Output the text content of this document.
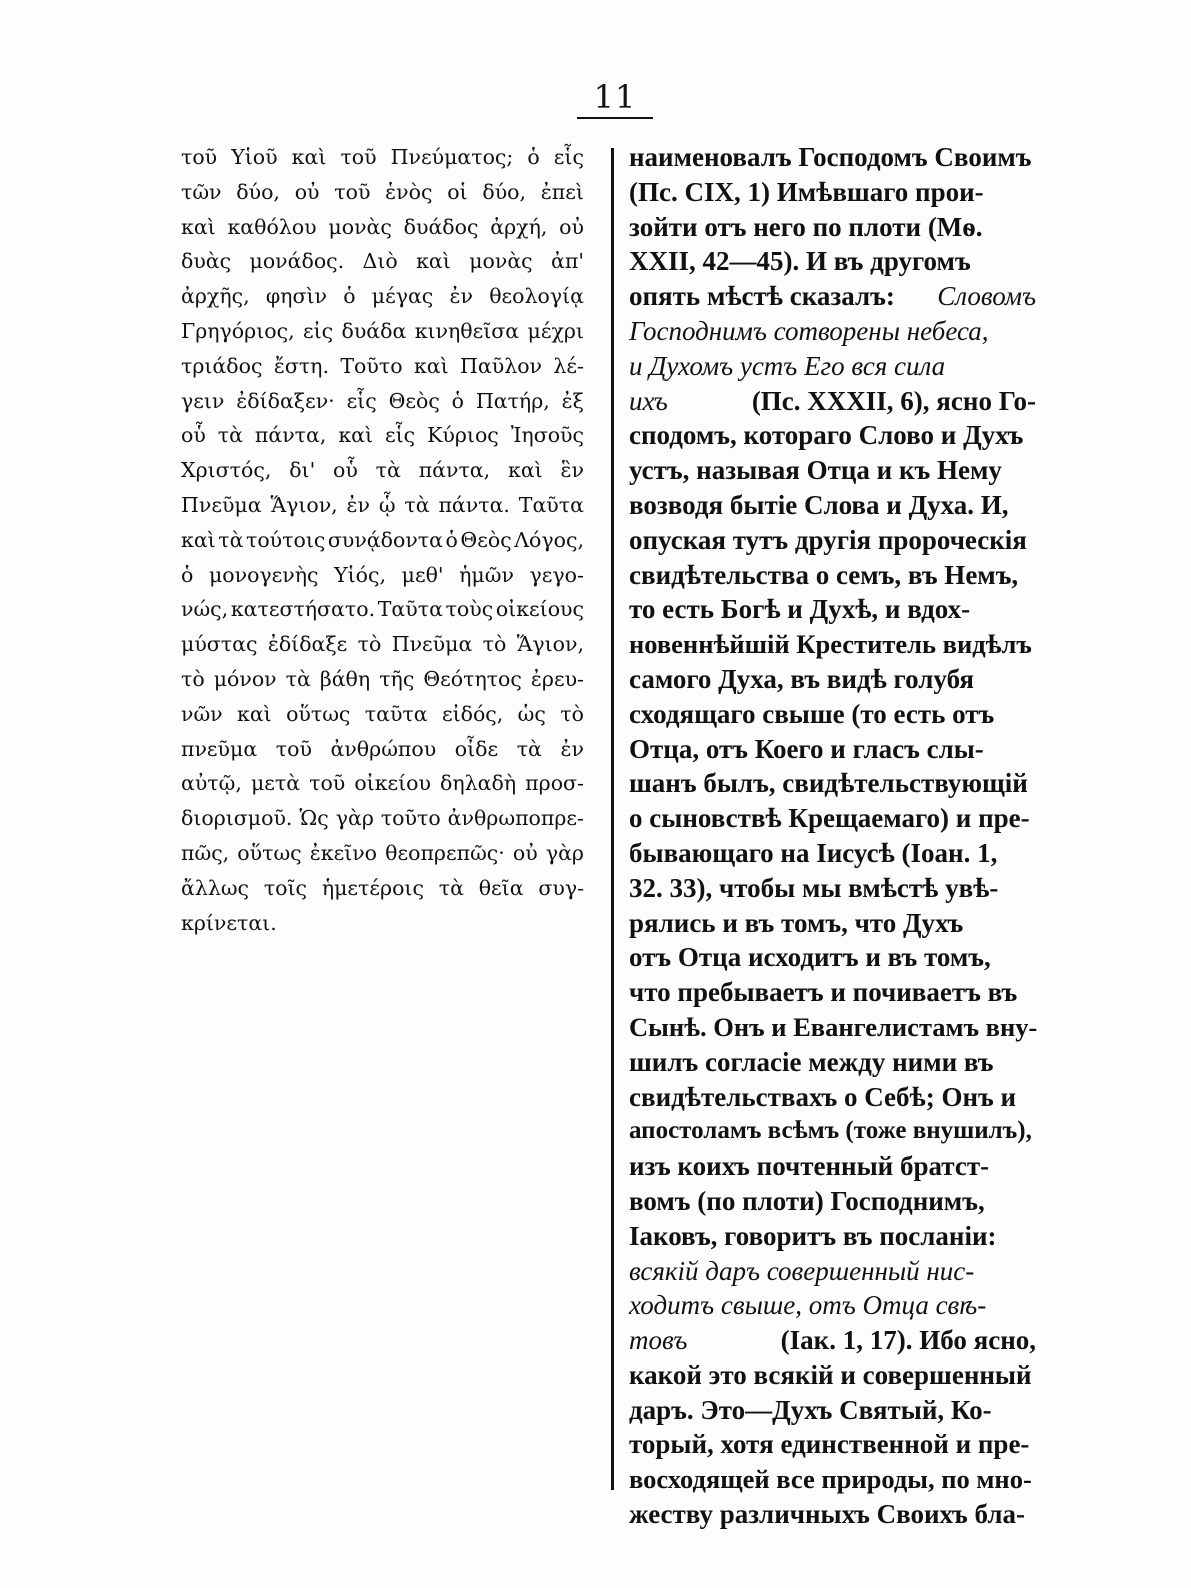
11
τοῦ Υἱοῦ καὶ τοῦ Πνεύματος; ὁ εἷς
τῶν δύο, οὐ τοῦ ἑνὸς οἱ δύο, ἐπεὶ
καὶ καθόλου μονὰς δυάδος ἀρχή, οὐ
δυὰς μονάδος. Διὸ καὶ μονὰς ἀπ'
ἀρχῆς, φησὶν ὁ μέγας ἐν θεολογίᾳ
Γρηγόριος, εἰς δυάδα κινηθεῖσα μέχρι
τριάδος ἔστη. Τοῦτο καὶ Παῦλον λέ-
γειν ἐδίδαξεν· εἷς Θεὸς ὁ Πατήρ, ἐξ
οὗ τὰ πάντα, καὶ εἷς Κύριος Ἰησοῦς
Χριστός, δι' οὗ τὰ πάντα, καὶ ἓν
Πνεῦμα Ἅγιον, ἐν ᾧ τὰ πάντα. Ταῦτα
καὶ τὰ τούτοις συνᾴδοντα ὁ Θεὸς Λόγος,
ὁ μονογενὴς Υἱός, μεθ' ἡμῶν γεγο-
νώς, κατεστήσατο. Ταῦτα τοὺς οἰκείους
μύστας ἐδίδαξε τὸ Πνεῦμα τὸ Ἅγιον,
τὸ μόνον τὰ βάθη τῆς Θεότητος ἐρευ-
νῶν καὶ οὕτως ταῦτα εἰδός, ὡς τὸ
πνεῦμα τοῦ ἀνθρώπου οἶδε τὰ ἐν
αὐτῷ, μετὰ τοῦ οἰκείου δηλαδὴ προσ-
διορισμοῦ. Ὡς γὰρ τοῦτο ἀνθρωποπρε-
πῶς, οὕτως ἐκεῖνο θεοπρεπῶς· οὐ γὰρ
ἄλλως τοῖς ἡμετέροις τὰ θεῖα συγ-
κρίνεται.
наименовалъ Господомъ Своимъ
(Пс. CIX, 1) Имѣвшаго прои-
зойти отъ него по плоти (Мѳ.
XXII, 42—45). И въ другомъ
опять мѣстѣ сказалъ: Словомъ
Господнимъ сотворены небеса,
и Духомъ устъ Его вся сила
ихъ	(Пс. XXXII, 6), ясно Го-
сподомъ, котораго Слово и Духъ
устъ, называя Отца и къ Нему
возводя бытіе Слова и Духа. И,
опуская тутъ другія пророческія
свидѣтельства о семъ, въ Немъ,
то есть Богѣ и Духѣ, и вдох-
новеннѣйшій Креститель видѣлъ
самого Духа, въ видѣ голубя
сходящаго свыше (то есть отъ
Отца, отъ Коего и гласъ слы-
шанъ былъ, свидѣтельствующій
о сыновствѣ Крещаемаго) и пре-
бывающаго на Іисусѣ (Іоан. 1,
32. 33), чтобы мы вмѣстѣ увѣ-
рялись и въ томъ, что Духъ
отъ Отца исходитъ и въ томъ,
что пребываетъ и почиваетъ въ
Сынѣ. Онъ и Евангелистамъ вну-
шилъ согласіе между ними въ
свидѣтельствахъ о Себѣ; Онъ и
апостоламъ всѣмъ (тоже внушилъ),
изъ коихъ почтенный братст-
вомъ (по плоти) Господнимъ,
Іаковъ, говоритъ въ посланіи:
всякій даръ совершенный нис-
ходитъ свыше, отъ Отца свѣ-
товъ	(Іак. 1, 17). Ибо ясно,
какой это всякій и совершенный
даръ. Это—Духъ Святый, Ко-
торый, хотя единственной и пре-
восходящей все природы, по мно-
жеству различныхъ Своихъ бла-
